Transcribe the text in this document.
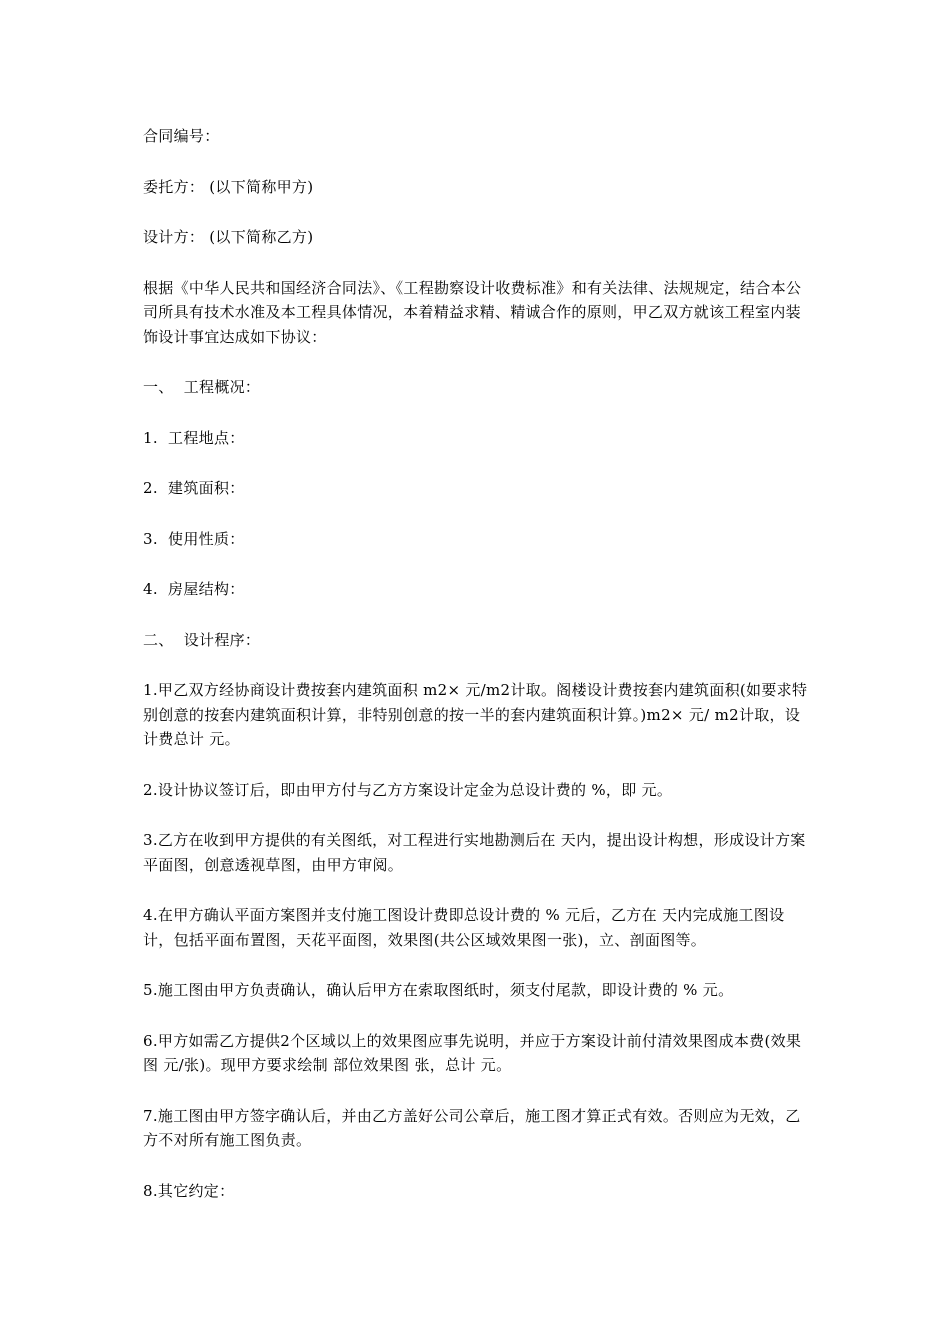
合同编号：

委托方： (以下简称甲方)

设计方： (以下简称乙方)

根据《中华人民共和国经济合同法》、《工程勘察设计收费标准》和有关法律、法规规定，结合本公司所具有技术水准及本工程具体情况，本着精益求精、精诚合作的原则，甲乙双方就该工程室内装饰设计事宜达成如下协议：

一、  工程概况：

1.  工程地点：

2.  建筑面积：

3.  使用性质：

4.  房屋结构：

二、  设计程序：

1.甲乙双方经协商设计费按套内建筑面积 m2× 元/m2计取。阁楼设计费按套内建筑面积(如要求特别创意的按套内建筑面积计算，非特别创意的按一半的套内建筑面积计算。)m2× 元/ m2计取，设计费总计 元。

2.设计协议签订后，即由甲方付与乙方方案设计定金为总设计费的 %，即 元。

3.乙方在收到甲方提供的有关图纸，对工程进行实地勘测后在 天内，提出设计构想，形成设计方案平面图，创意透视草图，由甲方审阅。

4.在甲方确认平面方案图并支付施工图设计费即总设计费的 % 元后，乙方在 天内完成施工图设计，包括平面布置图，天花平面图，效果图(共公区域效果图一张)，立、剖面图等。

5.施工图由甲方负责确认，确认后甲方在索取图纸时，须支付尾款，即设计费的 % 元。

6.甲方如需乙方提供2个区域以上的效果图应事先说明，并应于方案设计前付清效果图成本费(效果图 元/张)。现甲方要求绘制 部位效果图 张，总计 元。

7.施工图由甲方签字确认后，并由乙方盖好公司公章后，施工图才算正式有效。否则应为无效，乙方不对所有施工图负责。

8.其它约定：
